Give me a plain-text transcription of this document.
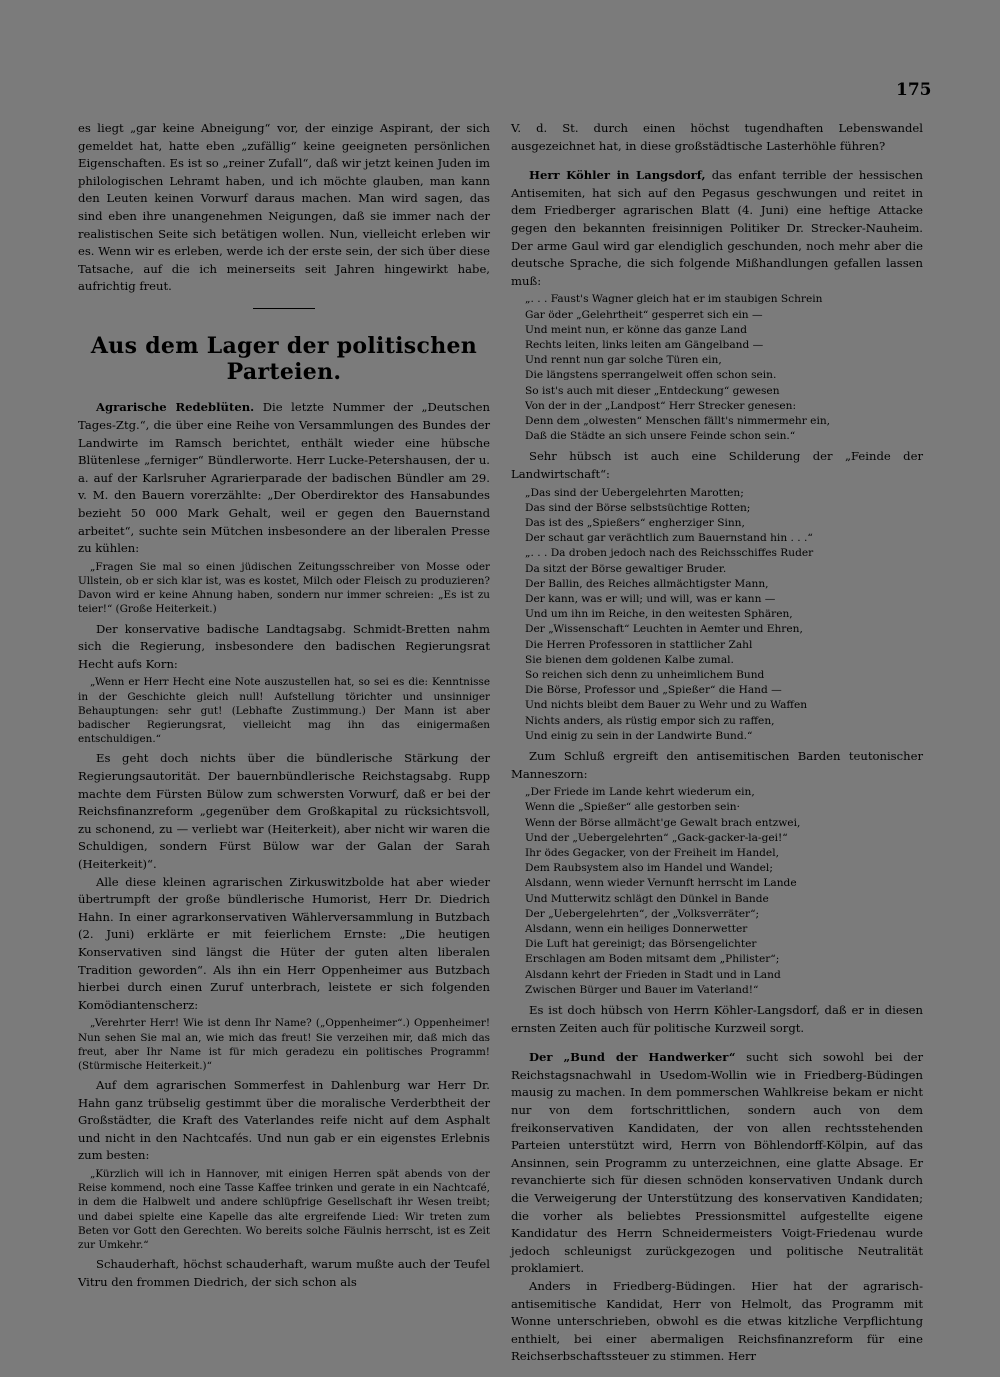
175

es liegt „gar keine Abneigung“ vor, der einzige Aspirant, der sich gemeldet hat, hatte eben „zufällig“ keine geeigneten persönlichen Eigenschaften. Es ist so „reiner Zufall“, daß wir jetzt keinen Juden im philologischen Lehramt haben, und ich möchte glauben, man kann den Leuten keinen Vorwurf daraus machen. Man wird sagen, das sind eben ihre unangenehmen Neigungen, daß sie immer nach der realistischen Seite sich betätigen wollen. Nun, vielleicht erleben wir es. Wenn wir es erleben, werde ich der erste sein, der sich über diese Tatsache, auf die ich meinerseits seit Jahren hingewirkt habe, aufrichtig freut.

Aus dem Lager der politischen Parteien.

Agrarische Redeblüten. Die letzte Nummer der „Deutschen Tages-Ztg.“, die über eine Reihe von Versammlungen des Bundes der Landwirte im Ramsch berichtet, enthält wieder eine hübsche Blütenlese „ferniger“ Bündlerworte. Herr Lucke-Petershausen, der u. a. auf der Karlsruher Agrarierparade der badischen Bündler am 29. v. M. den Bauern vorerzählte: „Der Oberdirektor des Hansabundes bezieht 50 000 Mark Gehalt, weil er gegen den Bauernstand arbeitet“, suchte sein Mütchen insbesondere an der liberalen Presse zu kühlen:

„Fragen Sie mal so einen jüdischen Zeitungsschreiber von Mosse oder Ullstein, ob er sich klar ist, was es kostet, Milch oder Fleisch zu produzieren? Davon wird er keine Ahnung haben, sondern nur immer schreien: „Es ist zu teier!“ (Große Heiterkeit.)

Der konservative badische Landtagsabg. Schmidt-Bretten nahm sich die Regierung, insbesondere den badischen Regierungsrat Hecht aufs Korn:

„Wenn er Herr Hecht eine Note auszustellen hat, so sei es die: Kenntnisse in der Geschichte gleich null! Aufstellung törichter und unsinniger Behauptungen: sehr gut! (Lebhafte Zustimmung.) Der Mann ist aber badischer Regierungsrat, vielleicht mag ihn das einigermaßen entschuldigen.“

Es geht doch nichts über die bündlerische Stärkung der Regierungsautorität. Der bauernbündlerische Reichstagsabg. Rupp machte dem Fürsten Bülow zum schwersten Vorwurf, daß er bei der Reichsfinanzreform „gegenüber dem Großkapital zu rücksichtsvoll, zu schonend, zu — verliebt war (Heiterkeit), aber nicht wir waren die Schuldigen, sondern Fürst Bülow war der Galan der Sarah (Heiterkeit)“.

Alle diese kleinen agrarischen Zirkuswitzbolde hat aber wieder übertrumpft der große bündlerische Humorist, Herr Dr. Diedrich Hahn. In einer agrarkonservativen Wählerversammlung in Butzbach (2. Juni) erklärte er mit feierlichem Ernste: „Die heutigen Konservativen sind längst die Hüter der guten alten liberalen Tradition geworden“. Als ihn ein Herr Oppenheimer aus Butzbach hierbei durch einen Zuruf unterbrach, leistete er sich folgenden Komödiantenscherz:

„Verehrter Herr! Wie ist denn Ihr Name? („Oppenheimer“.) Oppenheimer! Nun sehen Sie mal an, wie mich das freut! Sie verzeihen mir, daß mich das freut, aber Ihr Name ist für mich geradezu ein politisches Programm! (Stürmische Heiterkeit.)“

Auf dem agrarischen Sommerfest in Dahlenburg war Herr Dr. Hahn ganz trübselig gestimmt über die moralische Verderbtheit der Großstädter, die Kraft des Vaterlandes reife nicht auf dem Asphalt und nicht in den Nachtcafés. Und nun gab er ein eigenstes Erlebnis zum besten:

„Kürzlich will ich in Hannover, mit einigen Herren spät abends von der Reise kommend, noch eine Tasse Kaffee trinken und gerate in ein Nachtcafé, in dem die Halbwelt und andere schlüpfrige Gesellschaft ihr Wesen treibt; und dabei spielte eine Kapelle das alte ergreifende Lied: Wir treten zum Beten vor Gott den Gerechten. Wo bereits solche Fäulnis herrscht, ist es Zeit zur Umkehr.“

Schauderhaft, höchst schauderhaft, warum mußte auch der Teufel Vitru den frommen Diedrich, der sich schon als

V. d. St. durch einen höchst tugendhaften Lebenswandel ausgezeichnet hat, in diese großstädtische Lasterhöhle führen?

Herr Köhler in Langsdorf, das enfant terrible der hessischen Antisemiten, hat sich auf den Pegasus geschwungen und reitet in dem Friedberger agrarischen Blatt (4. Juni) eine heftige Attacke gegen den bekannten freisinnigen Politiker Dr. Strecker-Nauheim. Der arme Gaul wird gar elendiglich geschunden, noch mehr aber die deutsche Sprache, die sich folgende Mißhandlungen gefallen lassen muß:

„. . . Faust's Wagner gleich hat er im staubigen Schrein
Gar öder „Gelehrtheit“ gesperret sich ein —
Und meint nun, er könne das ganze Land
Rechts leiten, links leiten am Gängelband —
Und rennt nun gar solche Türen ein,
Die längstens sperrangelweit offen schon sein.
So ist's auch mit dieser „Entdeckung“ gewesen
Von der in der „Landpost“ Herr Strecker genesen:
Denn dem „olwesten“ Menschen fällt's nimmermehr ein,
Daß die Städte an sich unsere Feinde schon sein.“

Sehr hübsch ist auch eine Schilderung der „Feinde der Landwirtschaft“:

„Das sind der Uebergelehrten Marotten;
Das sind der Börse selbstsüchtige Rotten;
Das ist des „Spießers“ engherziger Sinn,
Der schaut gar verächtlich zum Bauernstand hin . . .“
„. . . Da droben jedoch nach des Reichsschiffes Ruder
Da sitzt der Börse gewaltiger Bruder.
Der Ballin, des Reiches allmächtigster Mann,
Der kann, was er will; und will, was er kann —
Und um ihn im Reiche, in den weitesten Sphären,
Der „Wissenschaft“ Leuchten in Aemter und Ehren,
Die Herren Professoren in stattlicher Zahl
Sie bienen dem goldenen Kalbe zumal.
So reichen sich denn zu unheimlichem Bund
Die Börse, Professor und „Spießer“ die Hand —
Und nichts bleibt dem Bauer zu Wehr und zu Waffen
Nichts anders, als rüstig empor sich zu raffen,
Und einig zu sein in der Landwirte Bund.“

Zum Schluß ergreift den antisemitischen Barden teutonischer Manneszorn:

„Der Friede im Lande kehrt wiederum ein,
Wenn die „Spießer“ alle gestorben sein·
Wenn der Börse allmächt'ge Gewalt brach entzwei,
Und der „Uebergelehrten“ „Gack-gacker-la-gei!“
Ihr ödes Gegacker, von der Freiheit im Handel,
Dem Raubsystem also im Handel und Wandel;
Alsdann, wenn wieder Vernunft herrscht im Lande
Und Mutterwitz schlägt den Dünkel in Bande
Der „Uebergelehrten“, der „Volksverräter“;
Alsdann, wenn ein heiliges Donnerwetter
Die Luft hat gereinigt; das Börsengelichter
Erschlagen am Boden mitsamt dem „Philister“;
Alsdann kehrt der Frieden in Stadt und in Land
Zwischen Bürger und Bauer im Vaterland!“

Es ist doch hübsch von Herrn Köhler-Langsdorf, daß er in diesen ernsten Zeiten auch für politische Kurzweil sorgt.

Der „Bund der Handwerker“ sucht sich sowohl bei der Reichstagsnachwahl in Usedom-Wollin wie in Friedberg-Büdingen mausig zu machen. In dem pommerschen Wahlkreise bekam er nicht nur von dem fortschrittlichen, sondern auch von dem freikonservativen Kandidaten, der von allen rechtsstehenden Parteien unterstützt wird, Herrn von Böhlendorff-Kölpin, auf das Ansinnen, sein Programm zu unterzeichnen, eine glatte Absage. Er revanchierte sich für diesen schnöden konservativen Undank durch die Verweigerung der Unterstützung des konservativen Kandidaten; die vorher als beliebtes Pressionsmittel aufgestellte eigene Kandidatur des Herrn Schneidermeisters Voigt-Friedenau wurde jedoch schleunigst zurückgezogen und politische Neutralität proklamiert.

Anders in Friedberg-Büdingen. Hier hat der agrarisch-antisemitische Kandidat, Herr von Helmolt, das Programm mit Wonne unterschrieben, obwohl es die etwas kitzliche Verpflichtung enthielt, bei einer abermaligen Reichsfinanzreform für eine Reichserbschaftssteuer zu stimmen. Herr
